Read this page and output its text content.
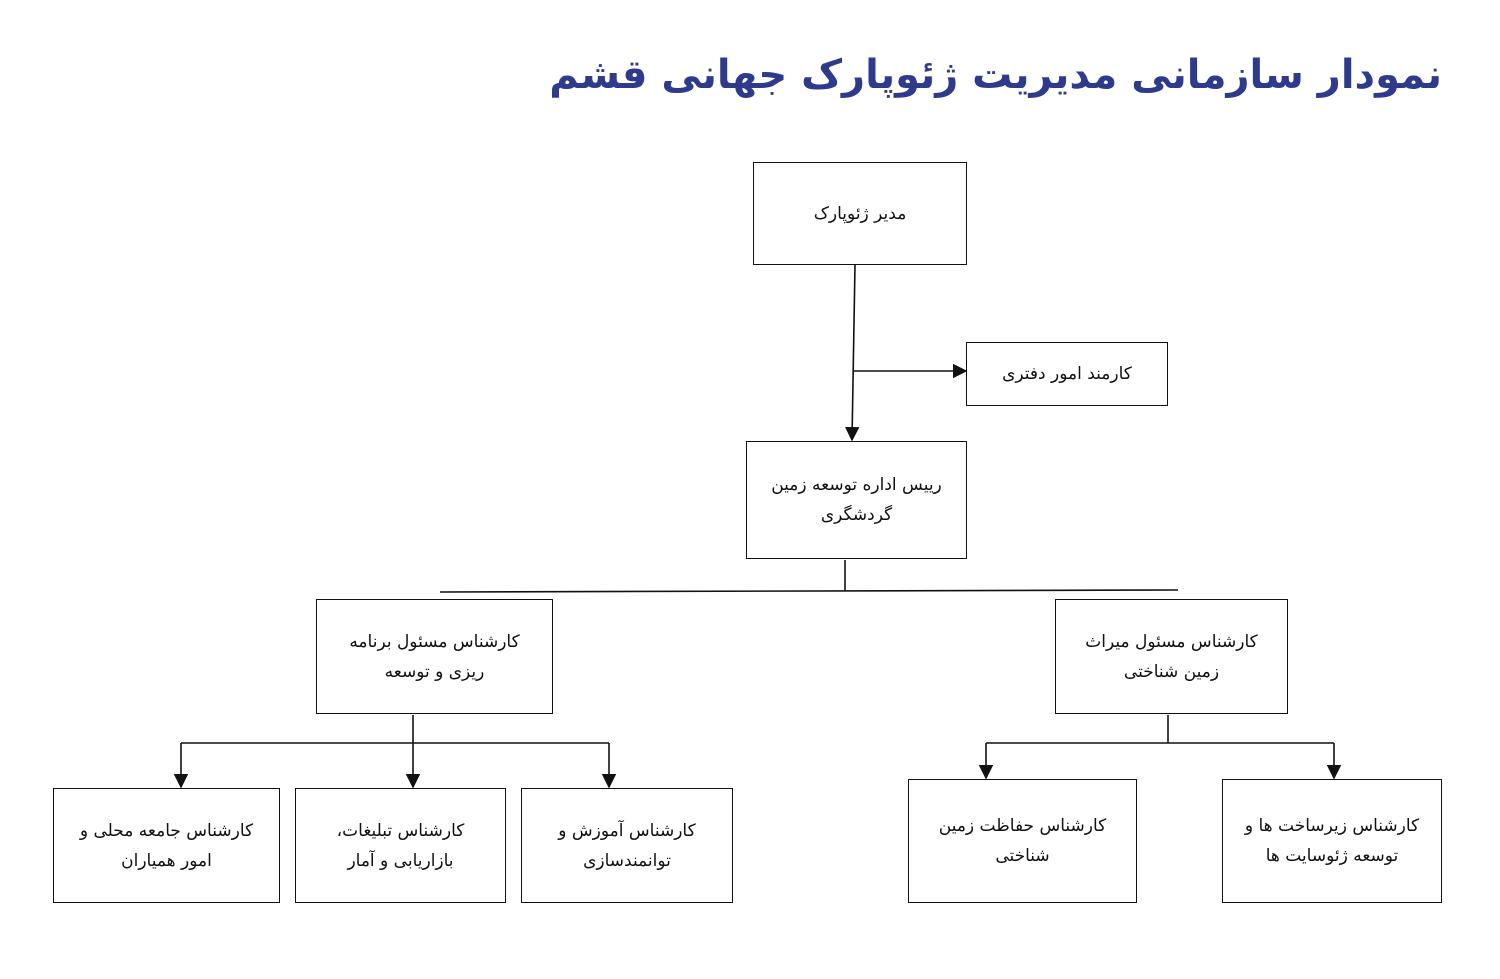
نمودار سازمانی مدیریت ژئوپارک جهانی قشم
مدیر ژئوپارک
کارمند امور دفتری
رییس اداره توسعه زمین گردشگری
کارشناس مسئول برنامه ریزی و توسعه
کارشناس مسئول میراث زمین شناختی
کارشناس جامعه محلی و امور همیاران
کارشناس تبلیغات، بازاریابی و آمار
کارشناس آموزش و توانمندسازی
کارشناس حفاظت زمین شناختی
کارشناس زیرساخت ها و توسعه ژئوسایت ها
